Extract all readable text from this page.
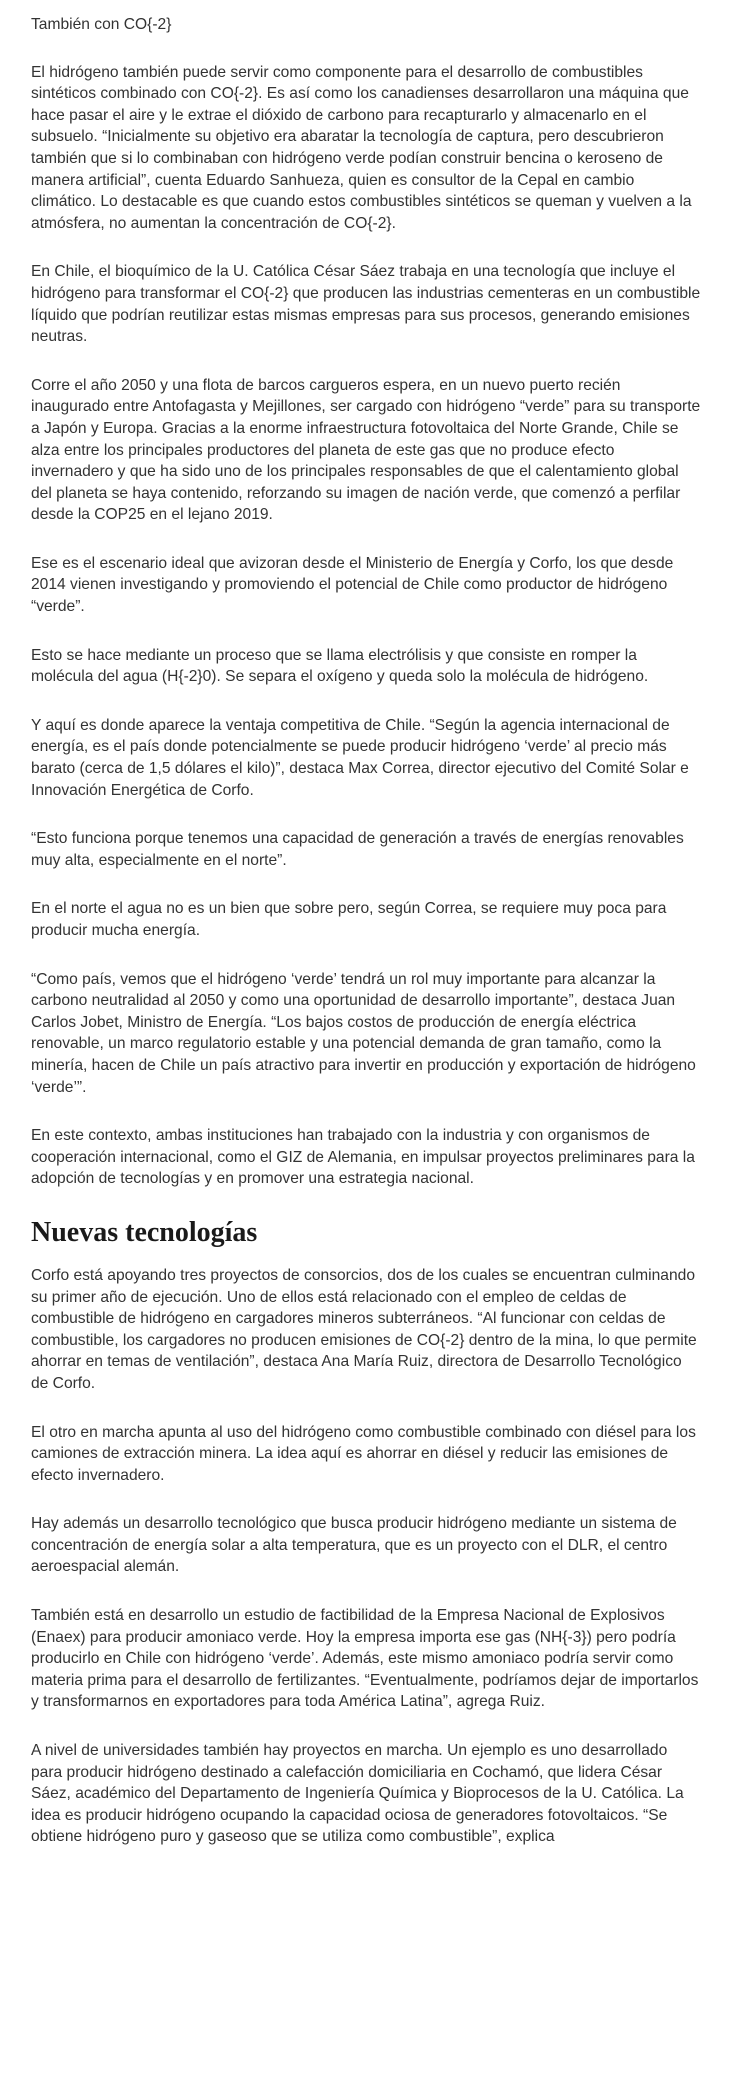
También con CO{-2}

El hidrógeno también puede servir como componente para el desarrollo de combustibles sintéticos combinado con CO{-2}. Es así como los canadienses desarrollaron una máquina que hace pasar el aire y le extrae el dióxido de carbono para recapturarlo y almacenarlo en el subsuelo. “Inicialmente su objetivo era abaratar la tecnología de captura, pero descubrieron también que si lo combinaban con hidrógeno verde podían construir bencina o keroseno de manera artificial”, cuenta Eduardo Sanhueza, quien es consultor de la Cepal en cambio climático. Lo destacable es que cuando estos combustibles sintéticos se queman y vuelven a la atmósfera, no aumentan la concentración de CO{-2}.

En Chile, el bioquímico de la U. Católica César Sáez trabaja en una tecnología que incluye el hidrógeno para transformar el CO{-2} que producen las industrias cementeras en un combustible líquido que podrían reutilizar estas mismas empresas para sus procesos, generando emisiones neutras.

Corre el año 2050 y una flota de barcos cargueros espera, en un nuevo puerto recién inaugurado entre Antofagasta y Mejillones, ser cargado con hidrógeno “verde” para su transporte a Japón y Europa. Gracias a la enorme infraestructura fotovoltaica del Norte Grande, Chile se alza entre los principales productores del planeta de este gas que no produce efecto invernadero y que ha sido uno de los principales responsables de que el calentamiento global del planeta se haya contenido, reforzando su imagen de nación verde, que comenzó a perfilar desde la COP25 en el lejano 2019.

Ese es el escenario ideal que avizoran desde el Ministerio de Energía y Corfo, los que desde 2014 vienen investigando y promoviendo el potencial de Chile como productor de hidrógeno “verde”.

Esto se hace mediante un proceso que se llama electrólisis y que consiste en romper la molécula del agua (H{-2}0). Se separa el oxígeno y queda solo la molécula de hidrógeno.

Y aquí es donde aparece la ventaja competitiva de Chile. “Según la agencia internacional de energía, es el país donde potencialmente se puede producir hidrógeno ‘verde’ al precio más barato (cerca de 1,5 dólares el kilo)”, destaca Max Correa, director ejecutivo del Comité Solar e Innovación Energética de Corfo.

“Esto funciona porque tenemos una capacidad de generación a través de energías renovables muy alta, especialmente en el norte”.

En el norte el agua no es un bien que sobre pero, según Correa, se requiere muy poca para producir mucha energía.

“Como país, vemos que el hidrógeno ‘verde’ tendrá un rol muy importante para alcanzar la carbono neutralidad al 2050 y como una oportunidad de desarrollo importante”, destaca Juan Carlos Jobet, Ministro de Energía. “Los bajos costos de producción de energía eléctrica renovable, un marco regulatorio estable y una potencial demanda de gran tamaño, como la minería, hacen de Chile un país atractivo para invertir en producción y exportación de hidrógeno ‘verde’”.

En este contexto, ambas instituciones han trabajado con la industria y con organismos de cooperación internacional, como el GIZ de Alemania, en impulsar proyectos preliminares para la adopción de tecnologías y en promover una estrategia nacional.

Nuevas tecnologías

Corfo está apoyando tres proyectos de consorcios, dos de los cuales se encuentran culminando su primer año de ejecución. Uno de ellos está relacionado con el empleo de celdas de combustible de hidrógeno en cargadores mineros subterráneos. “Al funcionar con celdas de combustible, los cargadores no producen emisiones de CO{-2} dentro de la mina, lo que permite ahorrar en temas de ventilación”, destaca Ana María Ruiz, directora de Desarrollo Tecnológico de Corfo.

El otro en marcha apunta al uso del hidrógeno como combustible combinado con diésel para los camiones de extracción minera. La idea aquí es ahorrar en diésel y reducir las emisiones de efecto invernadero.

Hay además un desarrollo tecnológico que busca producir hidrógeno mediante un sistema de concentración de energía solar a alta temperatura, que es un proyecto con el DLR, el centro aeroespacial alemán.

También está en desarrollo un estudio de factibilidad de la Empresa Nacional de Explosivos (Enaex) para producir amoniaco verde. Hoy la empresa importa ese gas (NH{-3}) pero podría producirlo en Chile con hidrógeno ‘verde’. Además, este mismo amoniaco podría servir como materia prima para el desarrollo de fertilizantes. “Eventualmente, podríamos dejar de importarlos y transformarnos en exportadores para toda América Latina”, agrega Ruiz.

A nivel de universidades también hay proyectos en marcha. Un ejemplo es uno desarrollado para producir hidrógeno destinado a calefacción domiciliaria en Cochamó, que lidera César Sáez, académico del Departamento de Ingeniería Química y Bioprocesos de la U. Católica. La idea es producir hidrógeno ocupando la capacidad ociosa de generadores fotovoltaicos. “Se obtiene hidrógeno puro y gaseoso que se utiliza como combustible”, explica
